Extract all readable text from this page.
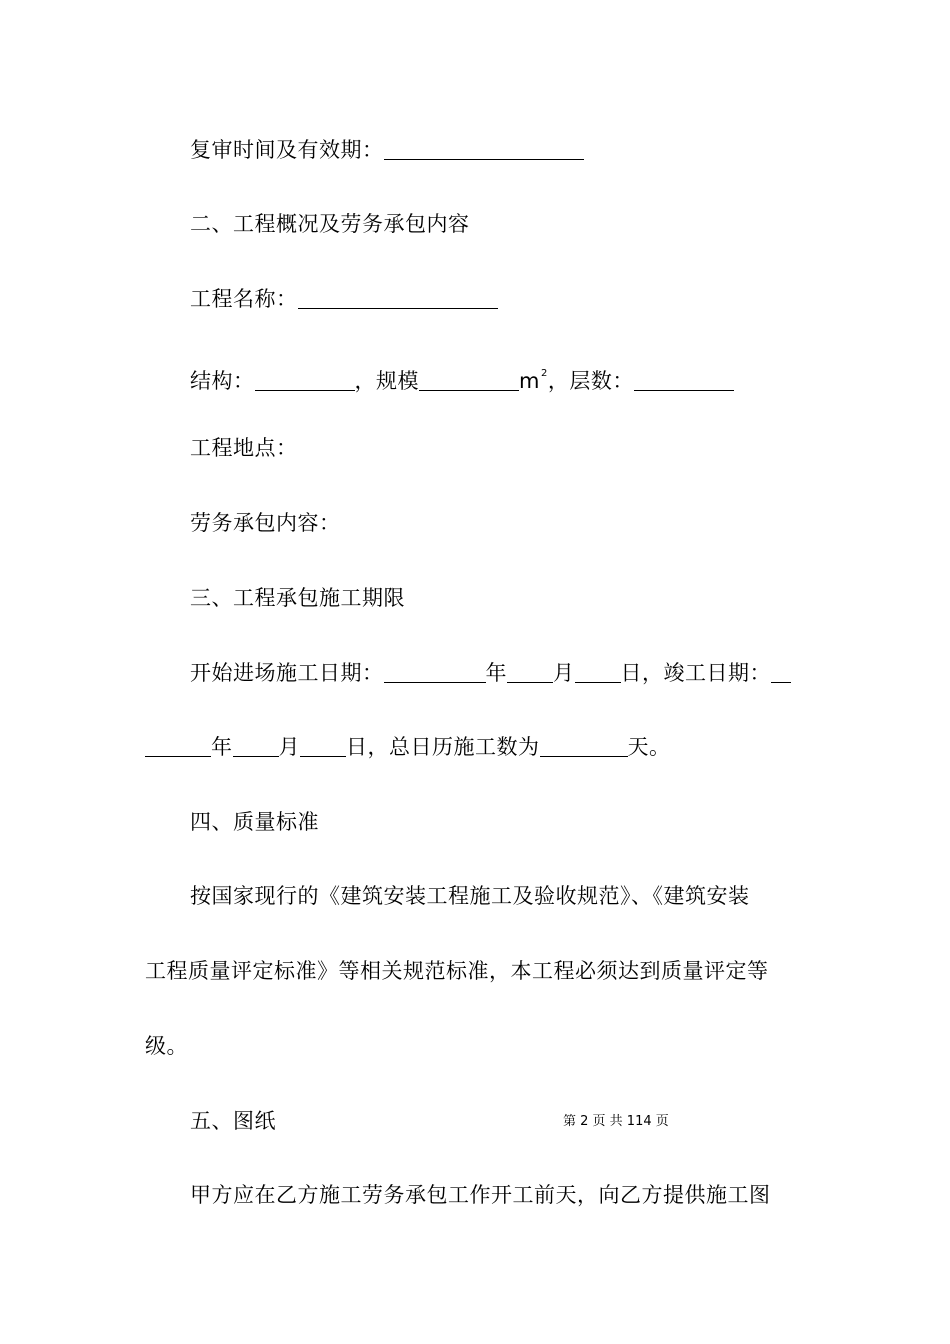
复审时间及有效期：
二、工程概况及劳务承包内容
工程名称：
结构：	，规模	$m^2$，层数：
工程地点：
劳务承包内容：
三、工程承包施工期限
开始进场施工日期：	年 月 日，竣工日期：
年 月 日，总日历施工数为	天。
四、质量标准
按国家现行的《建筑安装工程施工及验收规范》、《建筑安装
工程质量评定标准》等相关规范标准，本工程必须达到质量评定等
级。
五、图纸	第 2 页 共 114 页
甲方应在乙方施工劳务承包工作开工前天，向乙方提供施工图
